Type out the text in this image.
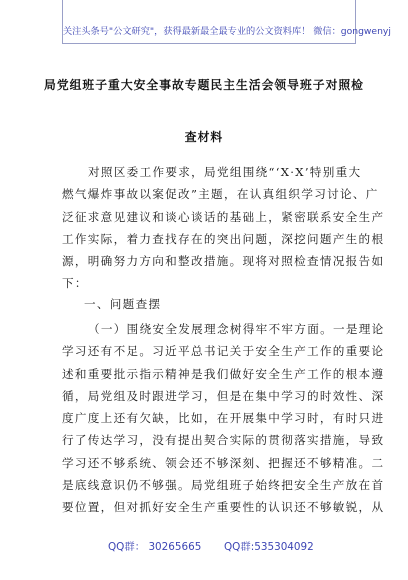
关注头条号"公文研究"，获得最新最全最专业的公文资料库！ 微信：gongwenyj
局党组班子重大安全事故专题民主生活会领导班子对照检
查材料
对照区委工作要求，局党组围绕“‘X·X’特别重大
燃气爆炸事故以案促改”主题，在认真组织学习讨论、广
泛征求意见建议和谈心谈话的基础上，紧密联系安全生产
工作实际，着力查找存在的突出问题，深挖问题产生的根
源，明确努力方向和整改措施。现将对照检查情况报告如
下：
一、问题查摆
（一）围绕安全发展理念树得牢不牢方面。一是理论
学习还有不足。习近平总书记关于安全生产工作的重要论
述和重要批示指示精神是我们做好安全生产工作的根本遵
循，局党组及时跟进学习，但是在集中学习的时效性、深
度广度上还有欠缺，比如，在开展集中学习时，有时只进
行了传达学习，没有提出契合实际的贯彻落实措施，导致
学习还不够系统、领会还不够深刻、把握还不够精准。二
是底线意识仍不够强。局党组班子始终把安全生产放在首
要位置，但对抓好安全生产重要性的认识还不够敏锐，从
QQ群： 30265665 QQ群:535304092
